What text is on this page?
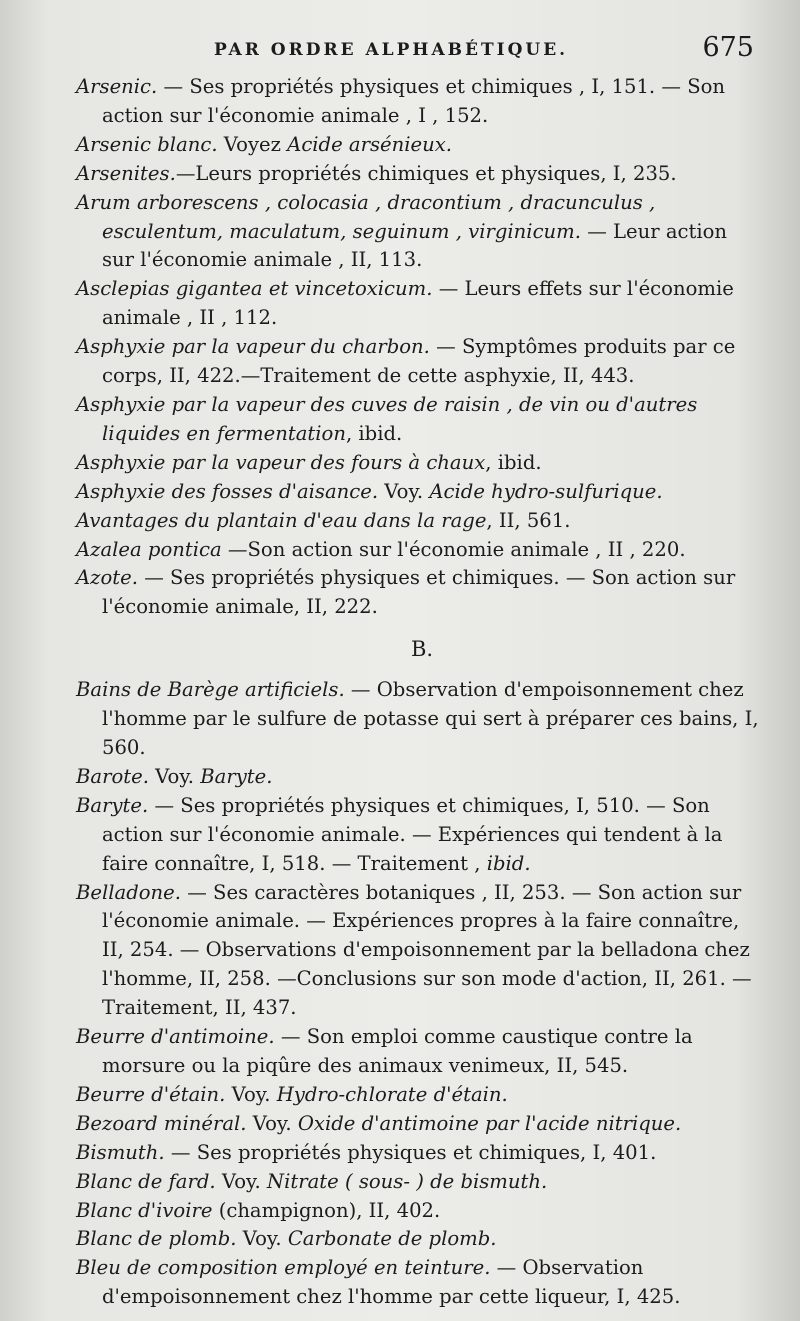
PAR ORDRE ALPHABÉTIQUE.	675

Arsenic. — Ses propriétés physiques et chimiques , I, 151. — Son action sur l'économie animale , I , 152.

Arsenic blanc. Voyez Acide arsénieux.

Arsenites.—Leurs propriétés chimiques et physiques, I, 235.

Arum arborescens , colocasia , dracontium , dracunculus , esculentum, maculatum, seguinum , virginicum. — Leur action sur l'économie animale , II, 113.

Asclepias gigantea et vincetoxicum. — Leurs effets sur l'économie animale , II , 112.

Asphyxie par la vapeur du charbon. — Symptômes produits par ce corps, II, 422.—Traitement de cette asphyxie, II, 443.

Asphyxie par la vapeur des cuves de raisin , de vin ou d'autres liquides en fermentation, ibid.

Asphyxie par la vapeur des fours à chaux, ibid.

Asphyxie des fosses d'aisance. Voy. Acide hydro-sulfurique.

Avantages du plantain d'eau dans la rage, II, 561.

Azalea pontica —Son action sur l'économie animale , II , 220.

Azote. — Ses propriétés physiques et chimiques. — Son action sur l'économie animale, II, 222.

B.

Bains de Barège artificiels. — Observation d'empoisonnement chez l'homme par le sulfure de potasse qui sert à préparer ces bains, I, 560.

Barote. Voy. Baryte.

Baryte. — Ses propriétés physiques et chimiques, I, 510. — Son action sur l'économie animale. — Expériences qui tendent à la faire connaître, I, 518. — Traitement , ibid.

Belladone. — Ses caractères botaniques , II, 253. — Son action sur l'économie animale. — Expériences propres à la faire connaître, II, 254. — Observations d'empoisonnement par la belladona chez l'homme, II, 258. —Conclusions sur son mode d'action, II, 261. — Traitement, II, 437.

Beurre d'antimoine. — Son emploi comme caustique contre la morsure ou la piqûre des animaux venimeux, II, 545.

Beurre d'étain. Voy. Hydro-chlorate d'étain.

Bezoard minéral. Voy. Oxide d'antimoine par l'acide nitrique.

Bismuth. — Ses propriétés physiques et chimiques, I, 401.

Blanc de fard. Voy. Nitrate ( sous- ) de bismuth.

Blanc d'ivoire (champignon), II, 402.

Blanc de plomb. Voy. Carbonate de plomb.

Bleu de composition employé en teinture. — Observation d'empoisonnement chez l'homme par cette liqueur, I, 425.
